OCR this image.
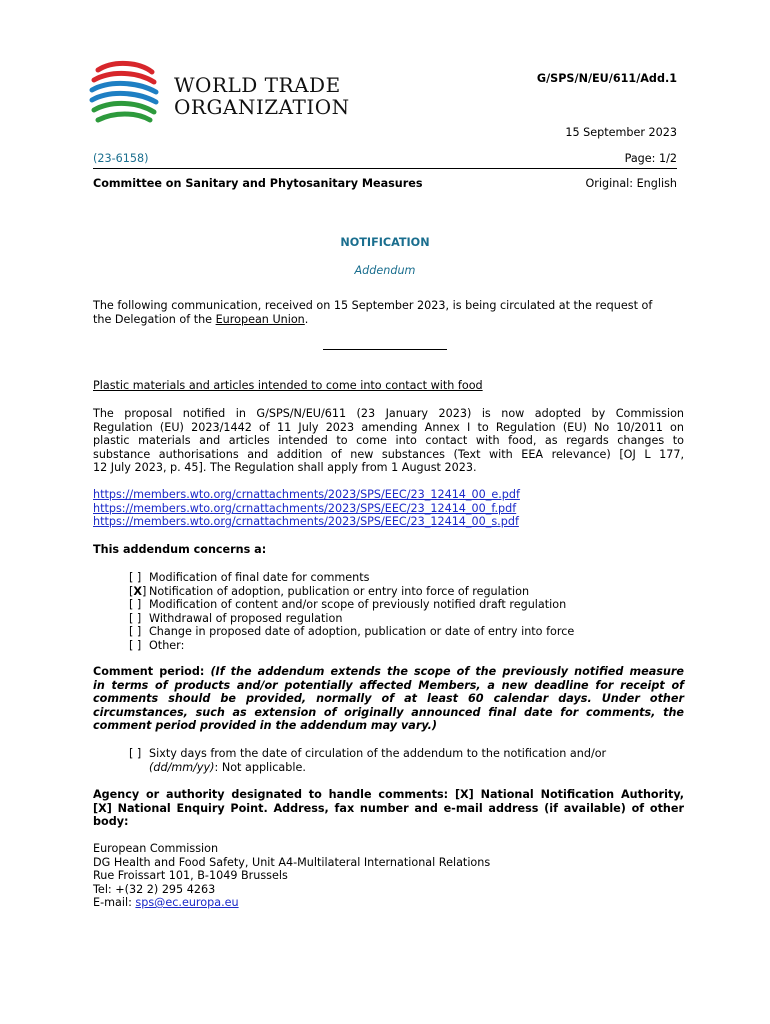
WORLD TRADE
ORGANIZATION
G/SPS/N/EU/611/Add.1
15 September 2023
(23-6158)	Page: 1/2
Committee on Sanitary and Phytosanitary Measures	Original: English
NOTIFICATION
Addendum
The following communication, received on 15 September 2023, is being circulated at the request of
the Delegation of the European Union.
Plastic materials and articles intended to come into contact with food
The proposal notified in G/SPS/N/EU/611 (23 January 2023) is now adopted by Commission
Regulation (EU) 2023/1442 of 11 July 2023 amending Annex I to Regulation (EU) No 10/2011 on
plastic materials and articles intended to come into contact with food, as regards changes to
substance authorisations and addition of new substances (Text with EEA relevance) [OJ L 177,
12 July 2023, p. 45]. The Regulation shall apply from 1 August 2023.
https://members.wto.org/crnattachments/2023/SPS/EEC/23_12414_00_e.pdf
https://members.wto.org/crnattachments/2023/SPS/EEC/23_12414_00_f.pdf
https://members.wto.org/crnattachments/2023/SPS/EEC/23_12414_00_s.pdf
This addendum concerns a:
[ ] Modification of final date for comments
[X] Notification of adoption, publication or entry into force of regulation
[ ] Modification of content and/or scope of previously notified draft regulation
[ ] Withdrawal of proposed regulation
[ ] Change in proposed date of adoption, publication or date of entry into force
[ ] Other:
Comment period: (If the addendum extends the scope of the previously notified measure
in terms of products and/or potentially affected Members, a new deadline for receipt of
comments should be provided, normally of at least 60 calendar days. Under other
circumstances, such as extension of originally announced final date for comments, the
comment period provided in the addendum may vary.)
[ ] Sixty days from the date of circulation of the addendum to the notification and/or
(dd/mm/yy): Not applicable.
Agency or authority designated to handle comments: [X] National Notification Authority,
[X] National Enquiry Point. Address, fax number and e-mail address (if available) of other
body:
European Commission
DG Health and Food Safety, Unit A4-Multilateral International Relations
Rue Froissart 101, B-1049 Brussels
Tel: +(32 2) 295 4263
E-mail: sps@ec.europa.eu
